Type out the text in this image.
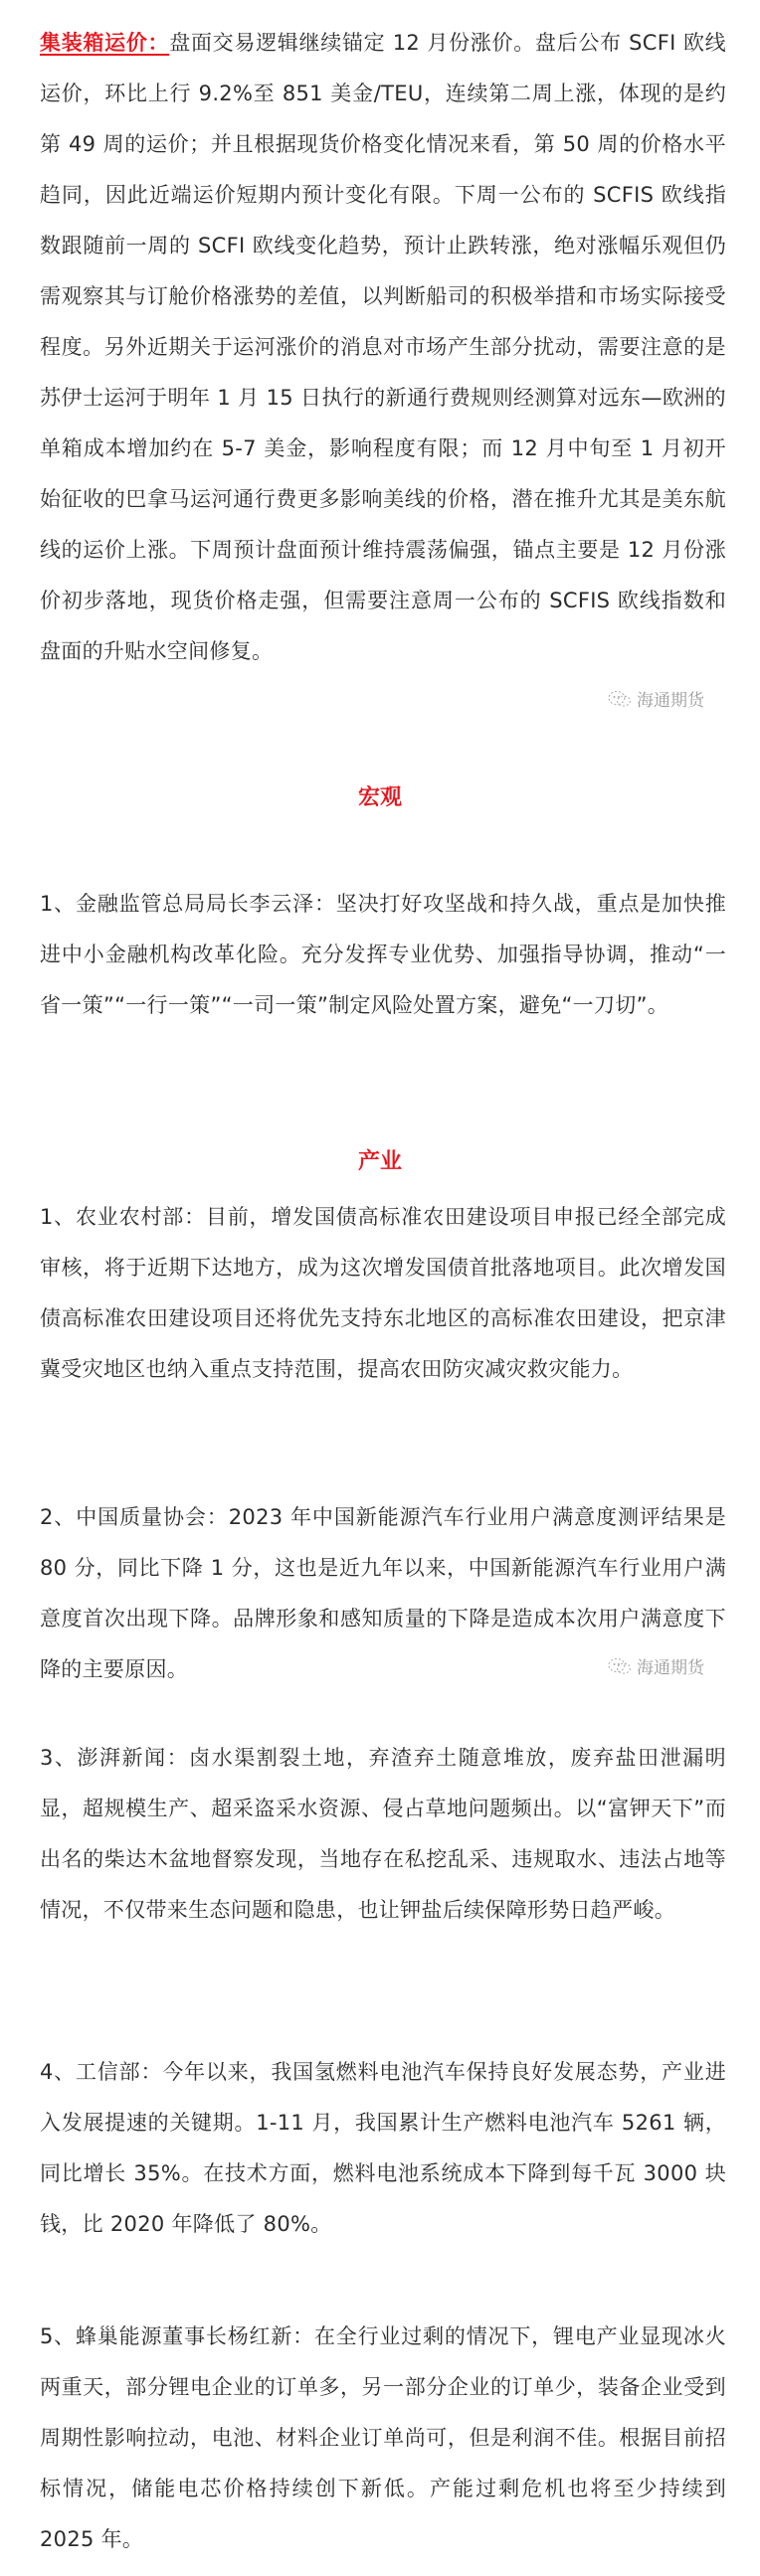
集装箱运价：盘面交易逻辑继续锚定 12 月份涨价。盘后公布 SCFI 欧线运价，环比上行 9.2%至 851 美金/TEU，连续第二周上涨，体现的是约第 49 周的运价；并且根据现货价格变化情况来看，第 50 周的价格水平趋同，因此近端运价短期内预计变化有限。下周一公布的 SCFIS 欧线指数跟随前一周的 SCFI 欧线变化趋势，预计止跌转涨，绝对涨幅乐观但仍需观察其与订舱价格涨势的差值，以判断船司的积极举措和市场实际接受程度。另外近期关于运河涨价的消息对市场产生部分扰动，需要注意的是苏伊士运河于明年 1 月 15 日执行的新通行费规则经测算对远东—欧洲的单箱成本增加约在 5-7 美金，影响程度有限；而 12 月中旬至 1 月初开始征收的巴拿马运河通行费更多影响美线的价格，潜在推升尤其是美东航线的运价上涨。下周预计盘面预计维持震荡偏强，锚点主要是 12 月份涨价初步落地，现货价格走强，但需要注意周一公布的 SCFIS 欧线指数和盘面的升贴水空间修复。

海通期货
宏观

1、金融监管总局局长李云泽：坚决打好攻坚战和持久战，重点是加快推进中小金融机构改革化险。充分发挥专业优势、加强指导协调，推动“一省一策”“一行一策”“一司一策”制定风险处置方案，避免“一刀切”。

产业

1、农业农村部：目前，增发国债高标准农田建设项目申报已经全部完成审核，将于近期下达地方，成为这次增发国债首批落地项目。此次增发国债高标准农田建设项目还将优先支持东北地区的高标准农田建设，把京津冀受灾地区也纳入重点支持范围，提高农田防灾减灾救灾能力。

2、中国质量协会：2023 年中国新能源汽车行业用户满意度测评结果是 80 分，同比下降 1 分，这也是近九年以来，中国新能源汽车行业用户满意度首次出现下降。品牌形象和感知质量的下降是造成本次用户满意度下降的主要原因。	海通期货

3、澎湃新闻：卤水渠割裂土地，弃渣弃土随意堆放，废弃盐田泄漏明显，超规模生产、超采盗采水资源、侵占草地问题频出。以“富钾天下”而出名的柴达木盆地督察发现，当地存在私挖乱采、违规取水、违法占地等情况，不仅带来生态问题和隐患，也让钾盐后续保障形势日趋严峻。

4、工信部：今年以来，我国氢燃料电池汽车保持良好发展态势，产业进入发展提速的关键期。1-11 月，我国累计生产燃料电池汽车 5261 辆，同比增长 35%。在技术方面，燃料电池系统成本下降到每千瓦 3000 块钱，比 2020 年降低了 80%。

5、蜂巢能源董事长杨红新：在全行业过剩的情况下，锂电产业显现冰火两重天，部分锂电企业的订单多，另一部分企业的订单少，装备企业受到周期性影响拉动，电池、材料企业订单尚可，但是利润不佳。根据目前招标情况，储能电芯价格持续创下新低。产能过剩危机也将至少持续到 2025 年。
